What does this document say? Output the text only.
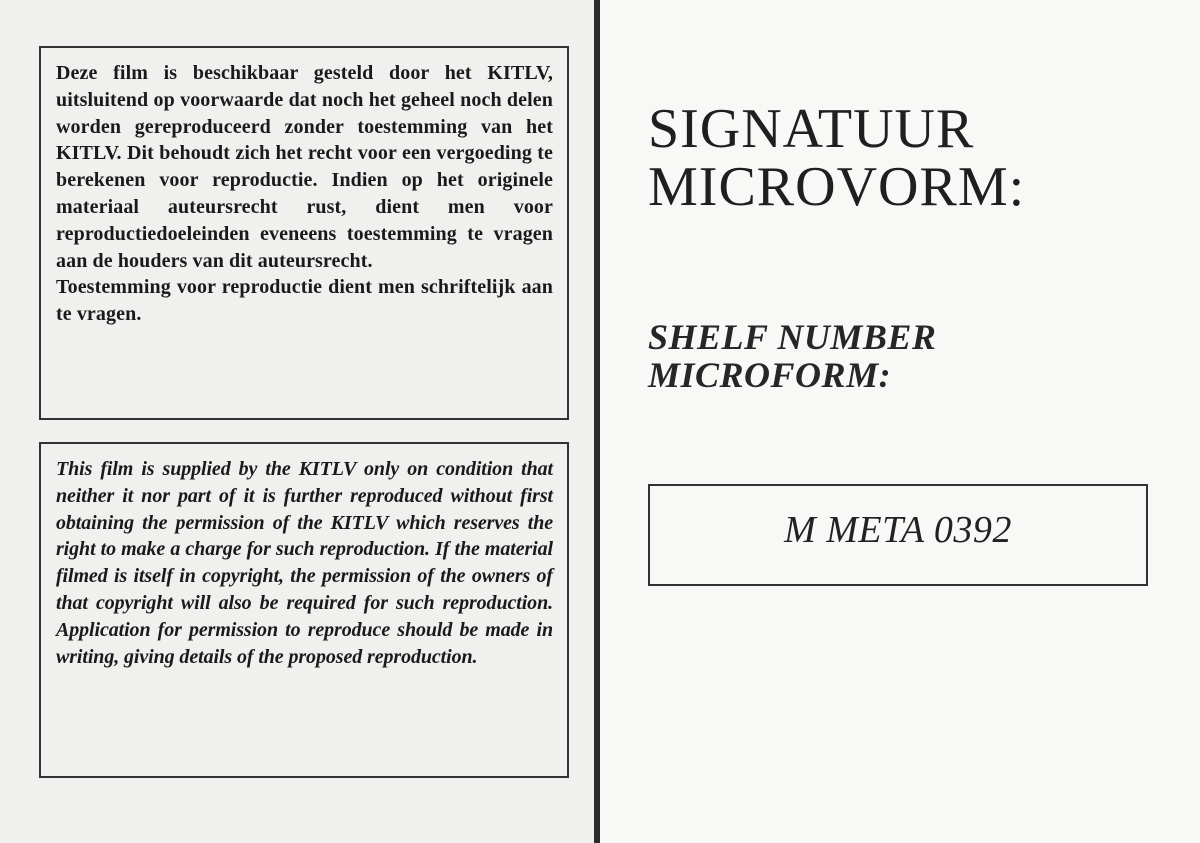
Deze film is beschikbaar gesteld door het KITLV, uitsluitend op voorwaarde dat noch het geheel noch delen worden gereproduceerd zonder toestemming van het KITLV. Dit behoudt zich het recht voor een vergoeding te berekenen voor reproductie. Indien op het originele materiaal auteursrecht rust, dient men voor reproductiedoeleinden eveneens toestemming te vragen aan de houders van dit auteursrecht.
Toestemming voor reproductie dient men schriftelijk aan te vragen.

This film is supplied by the KITLV only on condition that neither it nor part of it is further reproduced without first obtaining the permission of the KITLV which reserves the right to make a charge for such reproduction. If the material filmed is itself in copyright, the permission of the owners of that copyright will also be required for such reproduction. Application for permission to reproduce should be made in writing, giving details of the proposed reproduction.

SIGNATUUR
MICROVORM:
SHELF NUMBER
MICROFORM:
M META 0392
